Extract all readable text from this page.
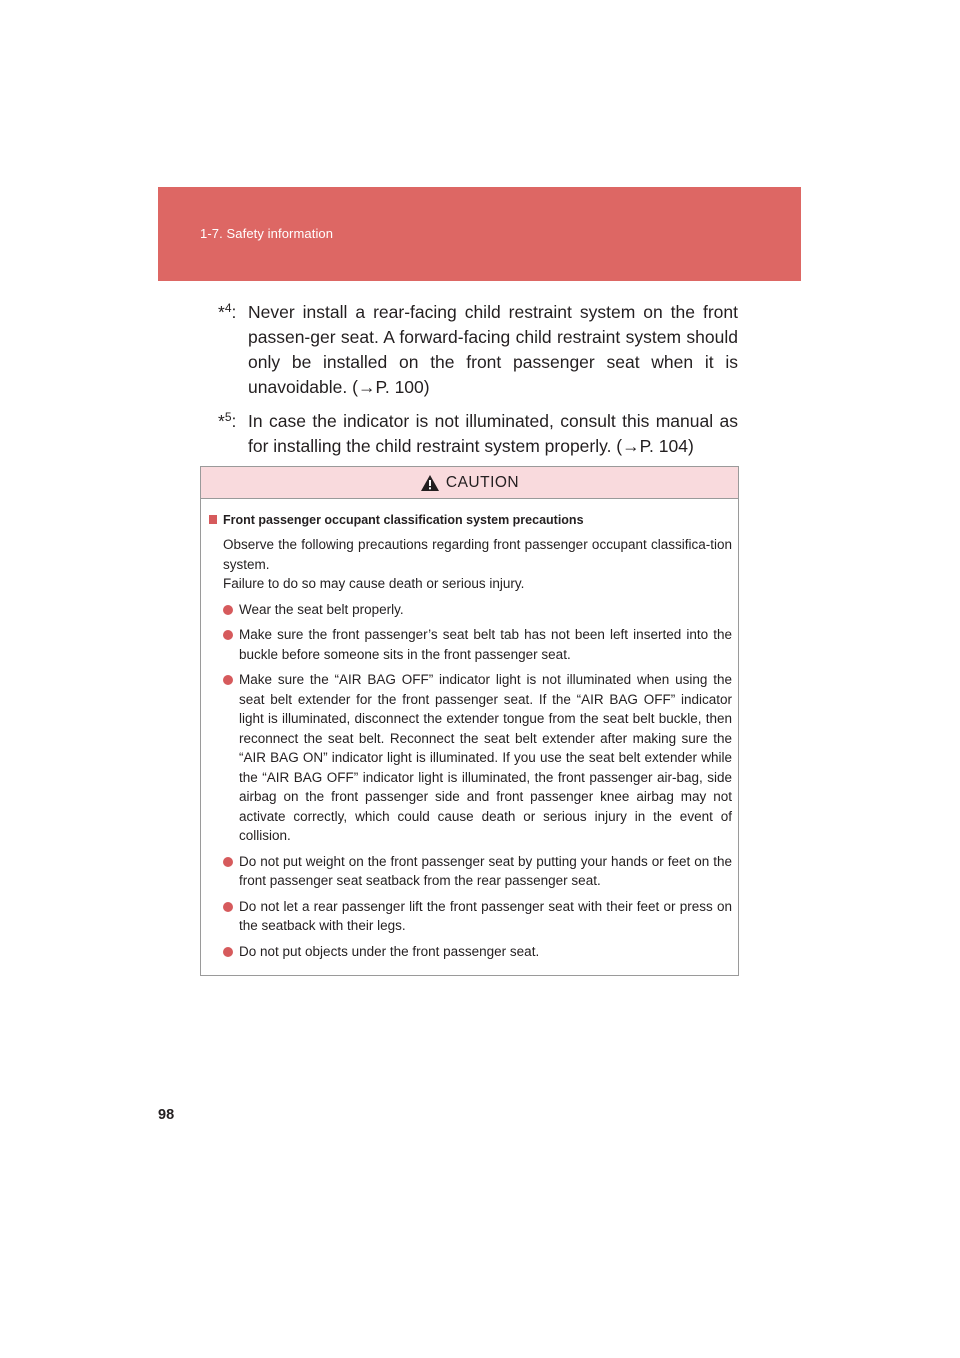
1-7. Safety information
*$^4$: Never install a rear-facing child restraint system on the front passen-ger seat. A forward-facing child restraint system should only be installed on the front passenger seat when it is unavoidable. (→P. 100)
*$^5$: In case the indicator is not illuminated, consult this manual as for installing the child restraint system properly. (→P. 104)
CAUTION
Front passenger occupant classification system precautions
Observe the following precautions regarding front passenger occupant classifica-tion system.
Failure to do so may cause death or serious injury.
Wear the seat belt properly.
Make sure the front passenger’s seat belt tab has not been left inserted into the buckle before someone sits in the front passenger seat.
Make sure the “AIR BAG OFF” indicator light is not illuminated when using the seat belt extender for the front passenger seat. If the “AIR BAG OFF” indicator light is illuminated, disconnect the extender tongue from the seat belt buckle, then reconnect the seat belt. Reconnect the seat belt extender after making sure the “AIR BAG ON” indicator light is illuminated. If you use the seat belt extender while the “AIR BAG OFF” indicator light is illuminated, the front passenger air-bag, side airbag on the front passenger side and front passenger knee airbag may not activate correctly, which could cause death or serious injury in the event of collision.
Do not put weight on the front passenger seat by putting your hands or feet on the front passenger seat seatback from the rear passenger seat.
Do not let a rear passenger lift the front passenger seat with their feet or press on the seatback with their legs.
Do not put objects under the front passenger seat.
98
